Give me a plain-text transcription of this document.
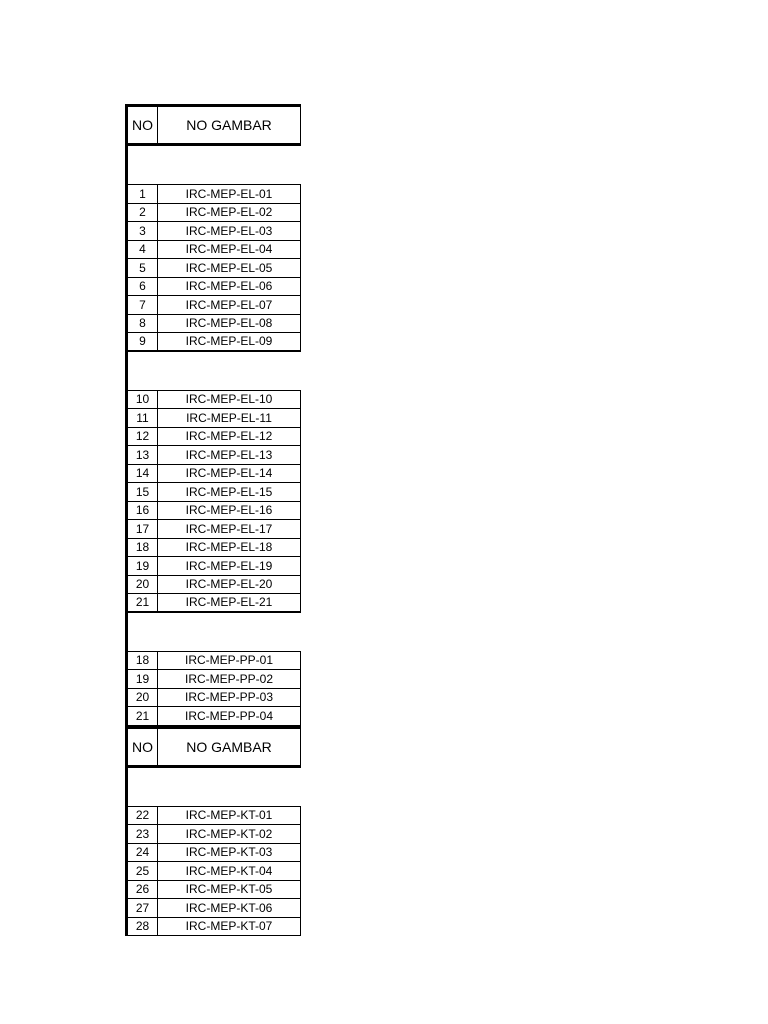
NO	NO GAMBAR
1	IRC-MEP-EL-01
2	IRC-MEP-EL-02
3	IRC-MEP-EL-03
4	IRC-MEP-EL-04
5	IRC-MEP-EL-05
6	IRC-MEP-EL-06
7	IRC-MEP-EL-07
8	IRC-MEP-EL-08
9	IRC-MEP-EL-09
10	IRC-MEP-EL-10
11	IRC-MEP-EL-11
12	IRC-MEP-EL-12
13	IRC-MEP-EL-13
14	IRC-MEP-EL-14
15	IRC-MEP-EL-15
16	IRC-MEP-EL-16
17	IRC-MEP-EL-17
18	IRC-MEP-EL-18
19	IRC-MEP-EL-19
20	IRC-MEP-EL-20
21	IRC-MEP-EL-21
18	IRC-MEP-PP-01
19	IRC-MEP-PP-02
20	IRC-MEP-PP-03
21	IRC-MEP-PP-04
NO	NO GAMBAR
22	IRC-MEP-KT-01
23	IRC-MEP-KT-02
24	IRC-MEP-KT-03
25	IRC-MEP-KT-04
26	IRC-MEP-KT-05
27	IRC-MEP-KT-06
28	IRC-MEP-KT-07
